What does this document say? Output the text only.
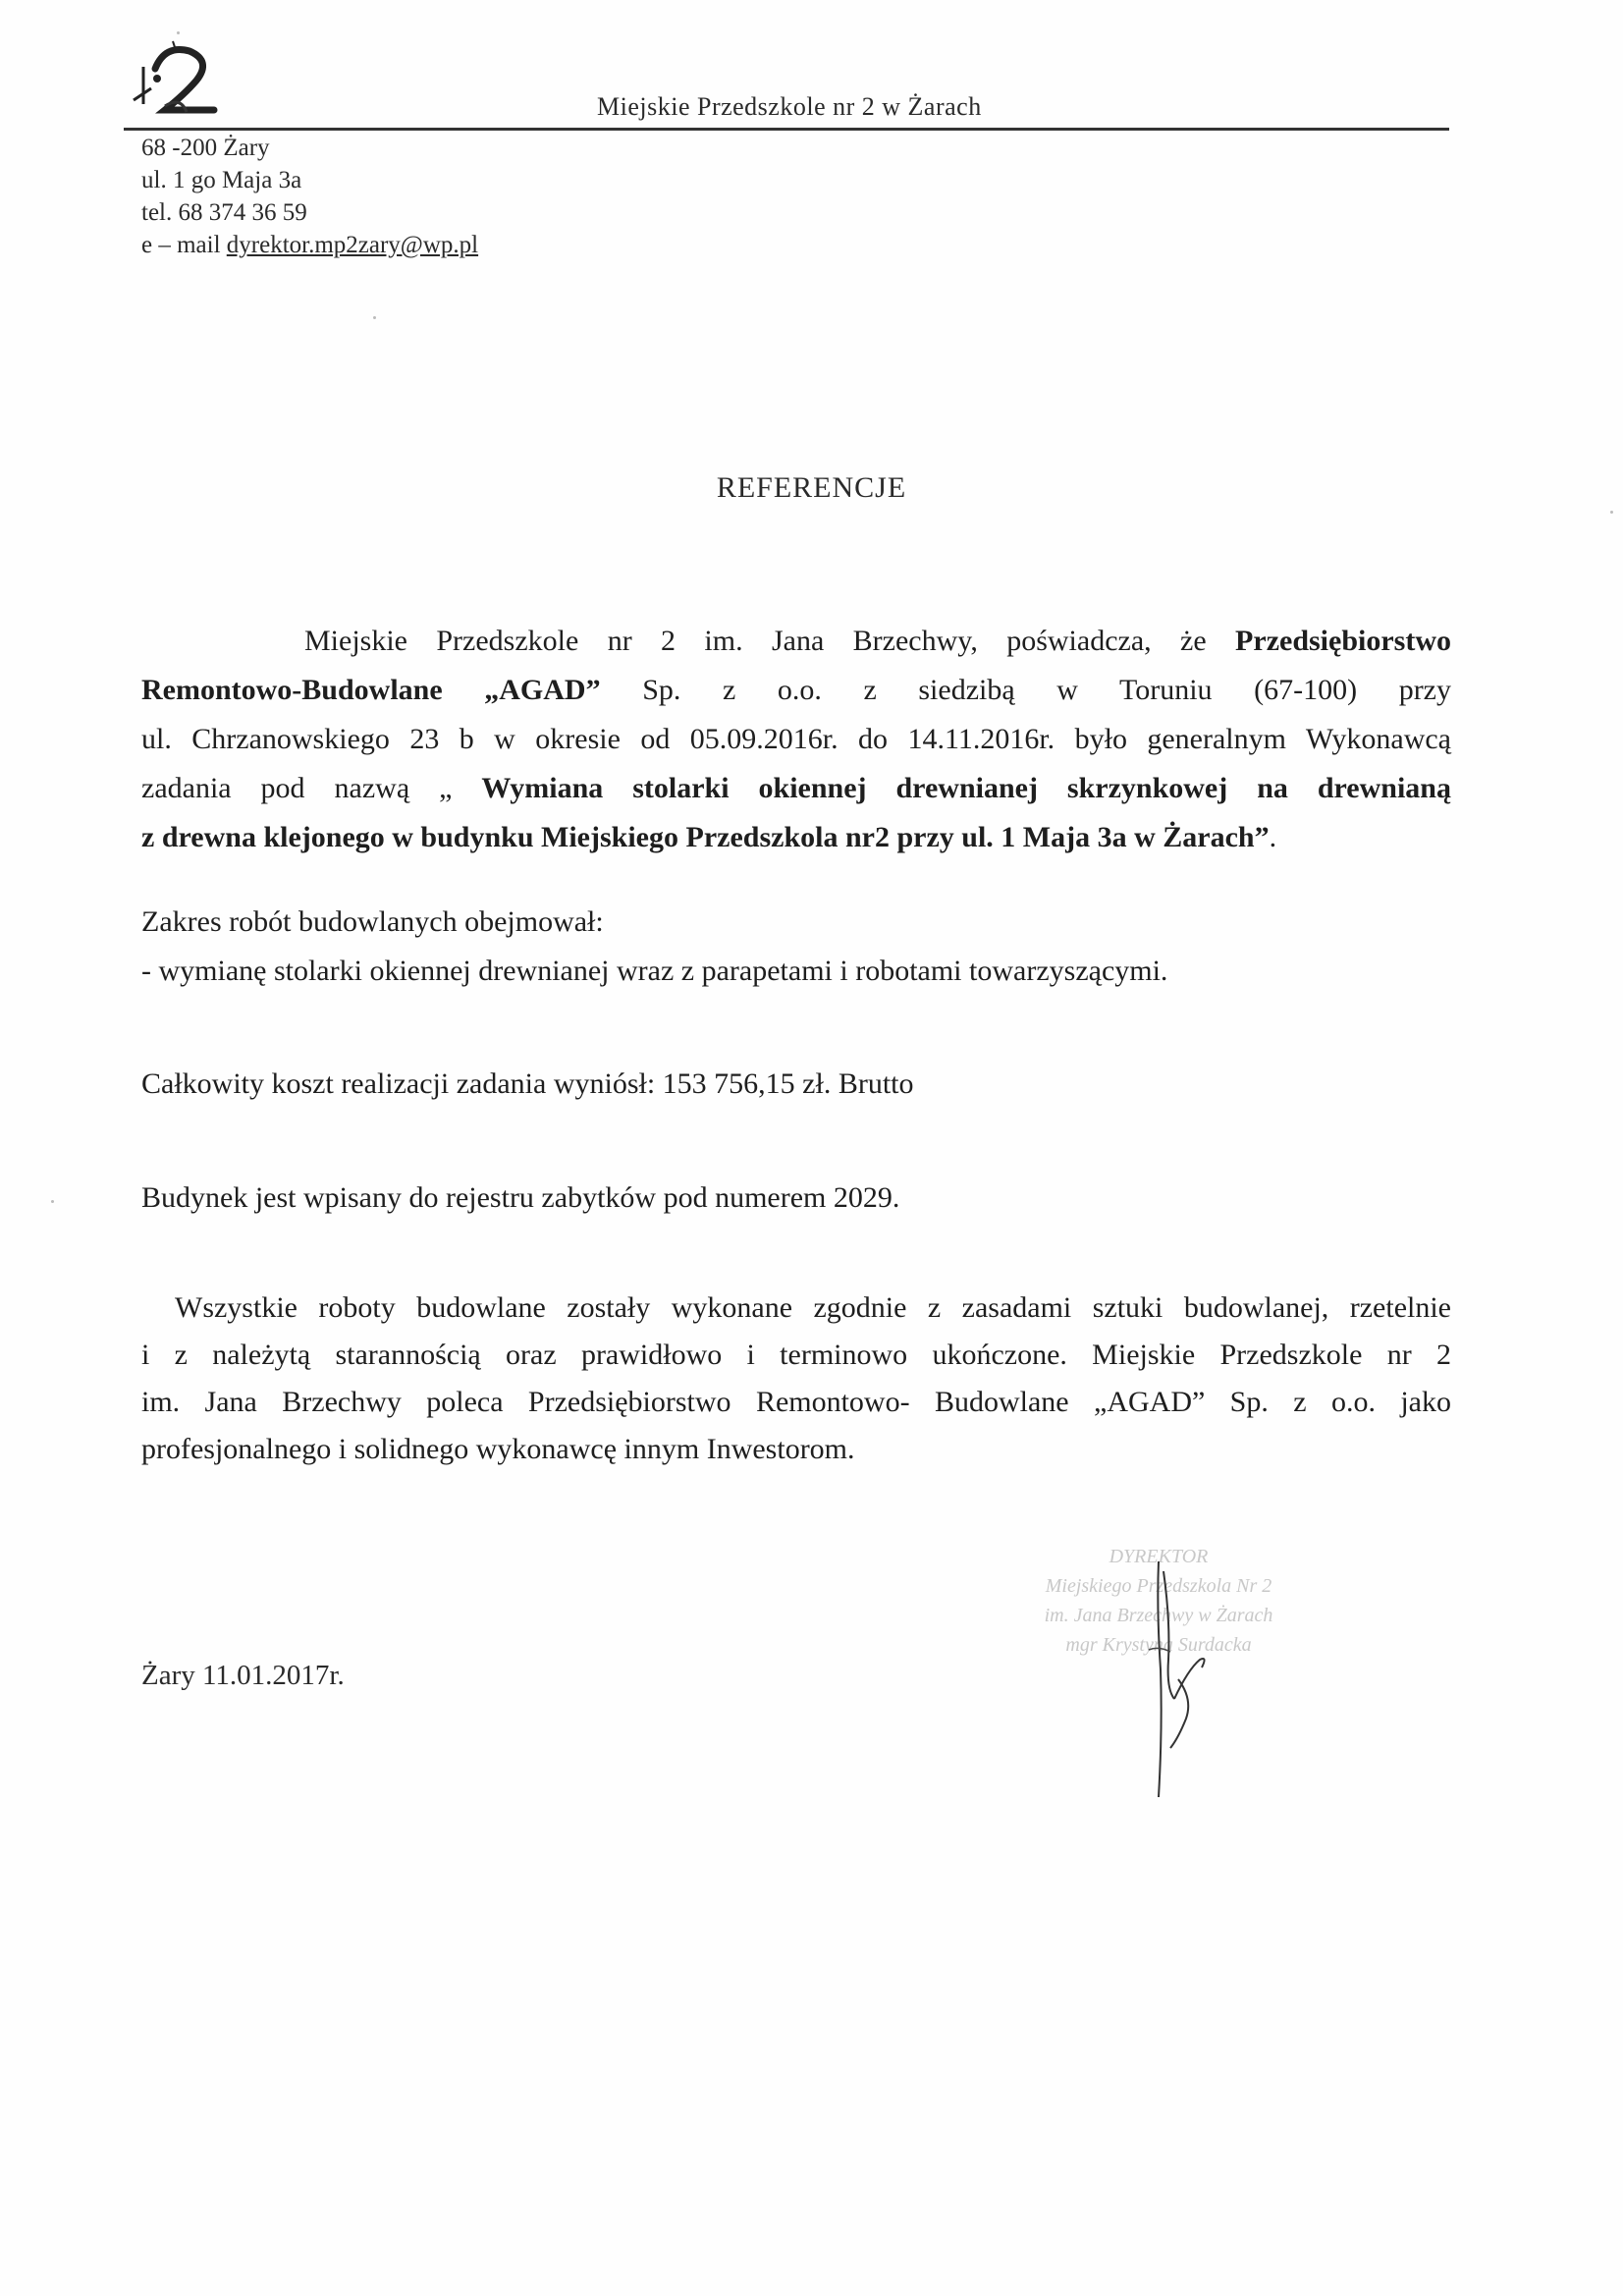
Miejskie Przedszkole nr 2 w Żarach
68 -200 Żary
ul. 1 go Maja 3a
tel. 68 374 36 59
e – mail dyrektor.mp2zary@wp.pl
REFERENCJE
Miejskie Przedszkole nr 2 im. Jana Brzechwy, poświadcza, że Przedsiębiorstwo
Remontowo-Budowlane „AGAD” Sp. z o.o. z siedzibą w Toruniu (67-100) przy
ul. Chrzanowskiego 23 b w okresie od 05.09.2016r. do 14.11.2016r. było generalnym Wykonawcą
zadania pod nazwą „ Wymiana stolarki okiennej drewnianej skrzynkowej na drewnianą
z drewna klejonego w budynku Miejskiego Przedszkola nr2 przy ul. 1 Maja 3a w Żarach”.
Zakres robót budowlanych obejmował:
- wymianę stolarki okiennej drewnianej wraz z parapetami i robotami towarzyszącymi.
Całkowity koszt realizacji zadania wyniósł: 153 756,15 zł. Brutto
Budynek jest wpisany do rejestru zabytków pod numerem 2029.
Wszystkie roboty budowlane zostały wykonane zgodnie z zasadami sztuki budowlanej, rzetelnie
i z należytą starannością oraz prawidłowo i terminowo ukończone. Miejskie Przedszkole nr 2
im. Jana Brzechwy poleca Przedsiębiorstwo Remontowo- Budowlane „AGAD” Sp. z o.o. jako
profesjonalnego i solidnego wykonawcę innym Inwestorom.
Żary 11.01.2017r.
DYREKTOR
Miejskiego Przedszkola Nr 2
im. Jana Brzechwy w Żarach
mgr Krystyna Surdacka
